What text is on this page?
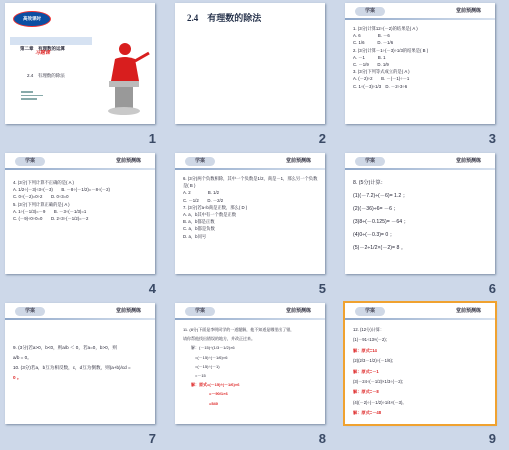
高效课时
第二章　有理数的运算
习题课
2.4　有理数的除法
1
2.4　有理数的除法
2
学案	堂前预测练
1. (3分)计算12÷(－2)的结果是( A )
A. 6　　　　B. －6
C. 1/6　　　D. －1/6
2. (3分)计算－1÷(－3)÷1/3的结果是( B )
A. －1　　　B. 1
C. －1/9　　D. 1/9
3. (3分)下列等式成立的是( A )
A. (－2)÷2　　B. －(－1)÷－1
C. 1÷(－3)÷1/3　D. －2÷3÷6
3
学案	堂前预测练
4. (3分)下列计算不正确的是( A )
A. 1/2÷(－3)÷3÷(－3)　　B. －8÷(－1/2)=－8÷(－2)
C. 0÷(－2)=0÷2　　D. 0÷3=0
5. (3分)下列计算正确的是( A )
A. 1÷(－1/3)=－9　　B. －3÷(－1/3)=1
C. (－9)÷0÷0=0　　D. 2÷3÷(－1/2)=－2
4
学案	堂前预测练
6. (3分)两个负数相除，其中一个负数是1/2，商是－1，那么另一个负数
是( B )
A. 2　　　　B. 1/2
C. －1/2　　D. －2/2
7. (3分)若a÷b商是正数，那么( D )
A. a，b其中有一个数是正数
B. a，b都是正数
C. a，b都是负数
D. a，b同号
5
学案	堂前预测练
8. (5分)计算：
(1)(－7.2)÷(－6)= 1.2 ；
(2)(－36)÷6= －6 ；
(3)8÷(－0.125)= －64 ；
(4)0÷(－0.3)= 0 ；
(5)－2÷1/2×(－2)= 8 。
6
学案	堂前预测练
9. (3分)若a>0，b<0，则a/b ＜ 0，若a=0，b>0，则
a/b = 0。
10. (3分)若a，b互为相反数，c，d互为倒数，则(a+b)/cd =
0 。
7
学案	堂前预测练
11. (8分)下面是李明同学的一道题解，他不知道是哪里出了错，
请你帮他找出错误的地方，并改正过来。
解：(－15)÷(1/3－1/2)×6
=(－15)÷(－1/6)×6
=(－15)÷(－1)
=－15
解：原式=(－15)÷(－1/6)×6
=－90/1×6
=540
8
学案	堂前预测练
12. (12分)计算：
(1)－91÷13×(－2);
解：原式=14
(2)(2/3－1/2)÷(－1/6);
解：原式=－1
(3)－24÷(－1/2)×1/3÷(－2);
解：原式=－8
(4)(－2)÷(－1/2)÷1/4×(－3)。
解：原式=－48
9
